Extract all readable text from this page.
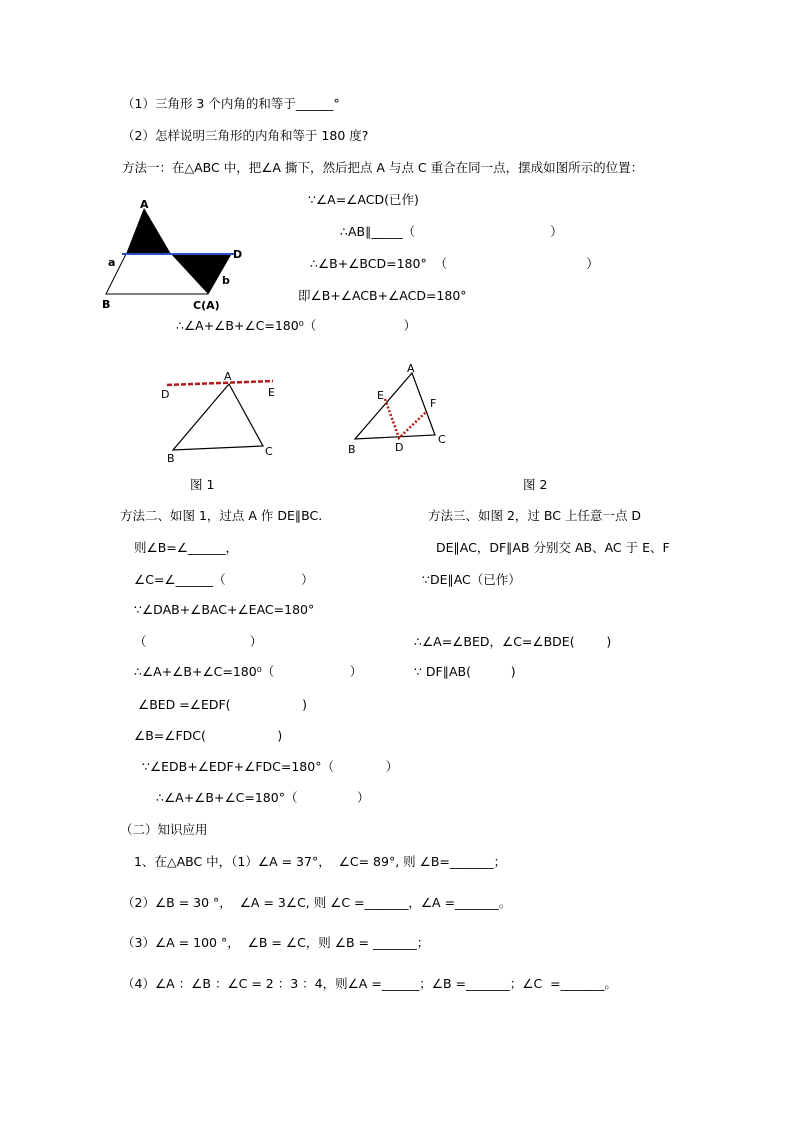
（1）三角形 3 个内角的和等于______°
（2）怎样说明三角形的内角和等于 180 度?
方法一：在△ABC 中，把∠A 撕下，然后把点 A 与点 C 重合在同一点，摆成如图所示的位置：
A
D
a
b
B	C(A)
∵∠A=∠ACD(已作)
∴AB∥_____（                                  ）
∴∠B+∠BCD=180°  （                                   ）
即∠B+∠ACB+∠ACD=180°
∴∠A+∠B+∠C=180⁰（                      ）
A
D	E
B
C
图 1
A
E
F
B	D
C
图 2
方法二、如图 1，过点 A 作 DE∥BC.
则∠B=∠______，
∠C=∠______（                   ）
∵∠DAB+∠BAC+∠EAC=180°
（                          ）
∴∠A+∠B+∠C=180⁰（                   ）
∠BED =∠EDF(                  )
∠B=∠FDC(                  )
∵∠EDB+∠EDF+∠FDC=180°（             ）
∴∠A+∠B+∠C=180°（               ）
方法三、如图 2，过 BC 上任意一点 D
DE∥AC，DF∥AB 分别交 AB、AC 于 E、F
∵DE∥AC（已作）
∴∠A=∠BED，∠C=∠BDE(        )
∵ DF∥AB(          )
（二）知识应用
1、在△ABC 中，（1）∠A = 37°，  ∠C= 89°, 则 ∠B=_______；
（2）∠B = 30 °，  ∠A = 3∠C, 则 ∠C =_______，∠A =_______。
（3）∠A = 100 °，  ∠B = ∠C，则 ∠B = _______；
（4）∠A ：∠B ：∠C = 2 ：3 ：4，则∠A =______；∠B =_______；∠C  =_______。
